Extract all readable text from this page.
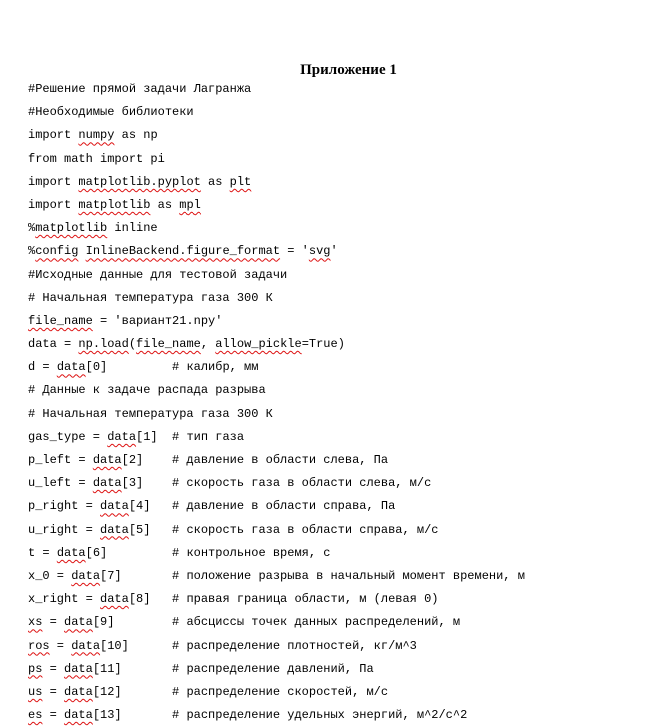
Приложение 1
#Решение прямой задачи Лагранжа
#Необходимые библиотеки
import numpy as np
from math import pi
import matplotlib.pyplot as plt
import matplotlib as mpl
%matplotlib inline
%config InlineBackend.figure_format = 'svg'
#Исходные данные для тестовой задачи
# Начальная температура газа 300 К
file_name = 'вариант21.npy'
data = np.load(file_name, allow_pickle=True)
d = data[0]         # калибр, мм
# Данные к задаче распада разрыва
# Начальная температура газа 300 К
gas_type = data[1]  # тип газа
p_left = data[2]    # давление в области слева, Па
u_left = data[3]    # скорость газа в области слева, м/с
p_right = data[4]   # давление в области справа, Па
u_right = data[5]   # скорость газа в области справа, м/с
t = data[6]         # контрольное время, с
x_0 = data[7]       # положение разрыва в начальный момент времени, м
x_right = data[8]   # правая граница области, м (левая 0)
xs = data[9]        # абсциссы точек данных распределений, м
ros = data[10]      # распределение плотностей, кг/м^3
ps = data[11]       # распределение давлений, Па
us = data[12]       # распределение скоростей, м/с
es = data[13]       # распределение удельных энергий, м^2/с^2
